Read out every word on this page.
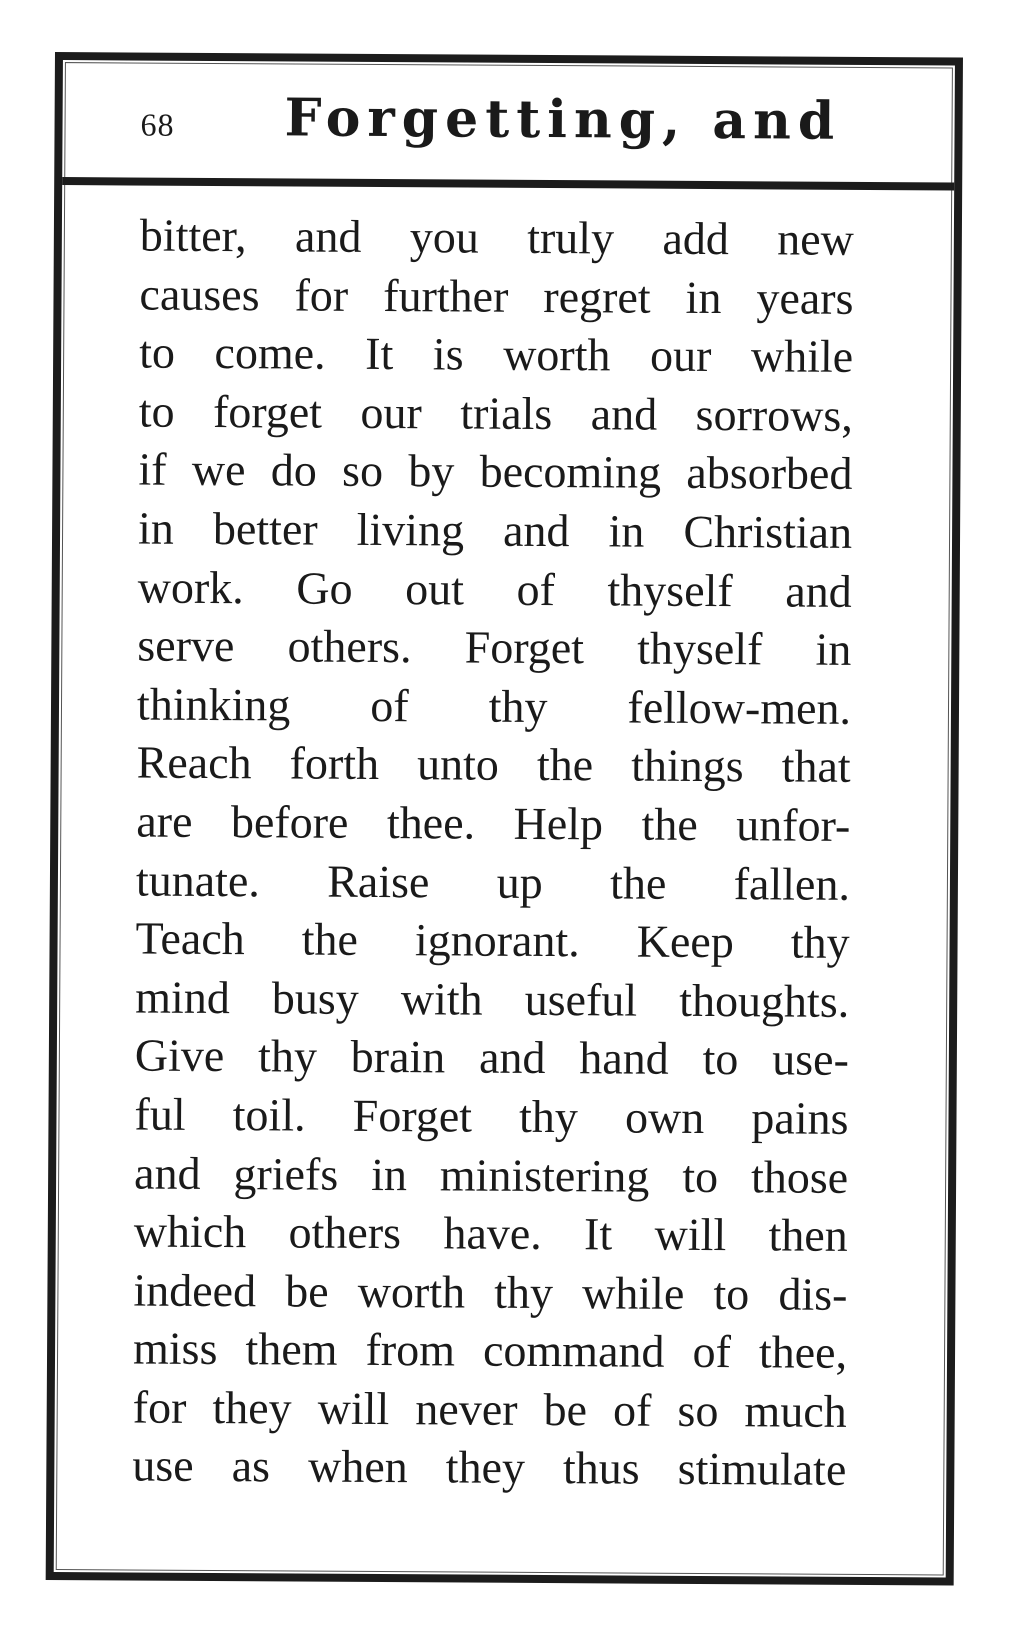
68 Forgetting, and
bitter, and you truly add new
causes for further regret in years
to come. It is worth our while
to forget our trials and sorrows,
if we do so by becoming absorbed
in better living and in Christian
work. Go out of thyself and
serve others. Forget thyself in
thinking of thy fellow-men.
Reach forth unto the things that
are before thee. Help the unfor-
tunate. Raise up the fallen.
Teach the ignorant. Keep thy
mind busy with useful thoughts.
Give thy brain and hand to use-
ful toil. Forget thy own pains
and griefs in ministering to those
which others have. It will then
indeed be worth thy while to dis-
miss them from command of thee,
for they will never be of so much
use as when they thus stimulate
